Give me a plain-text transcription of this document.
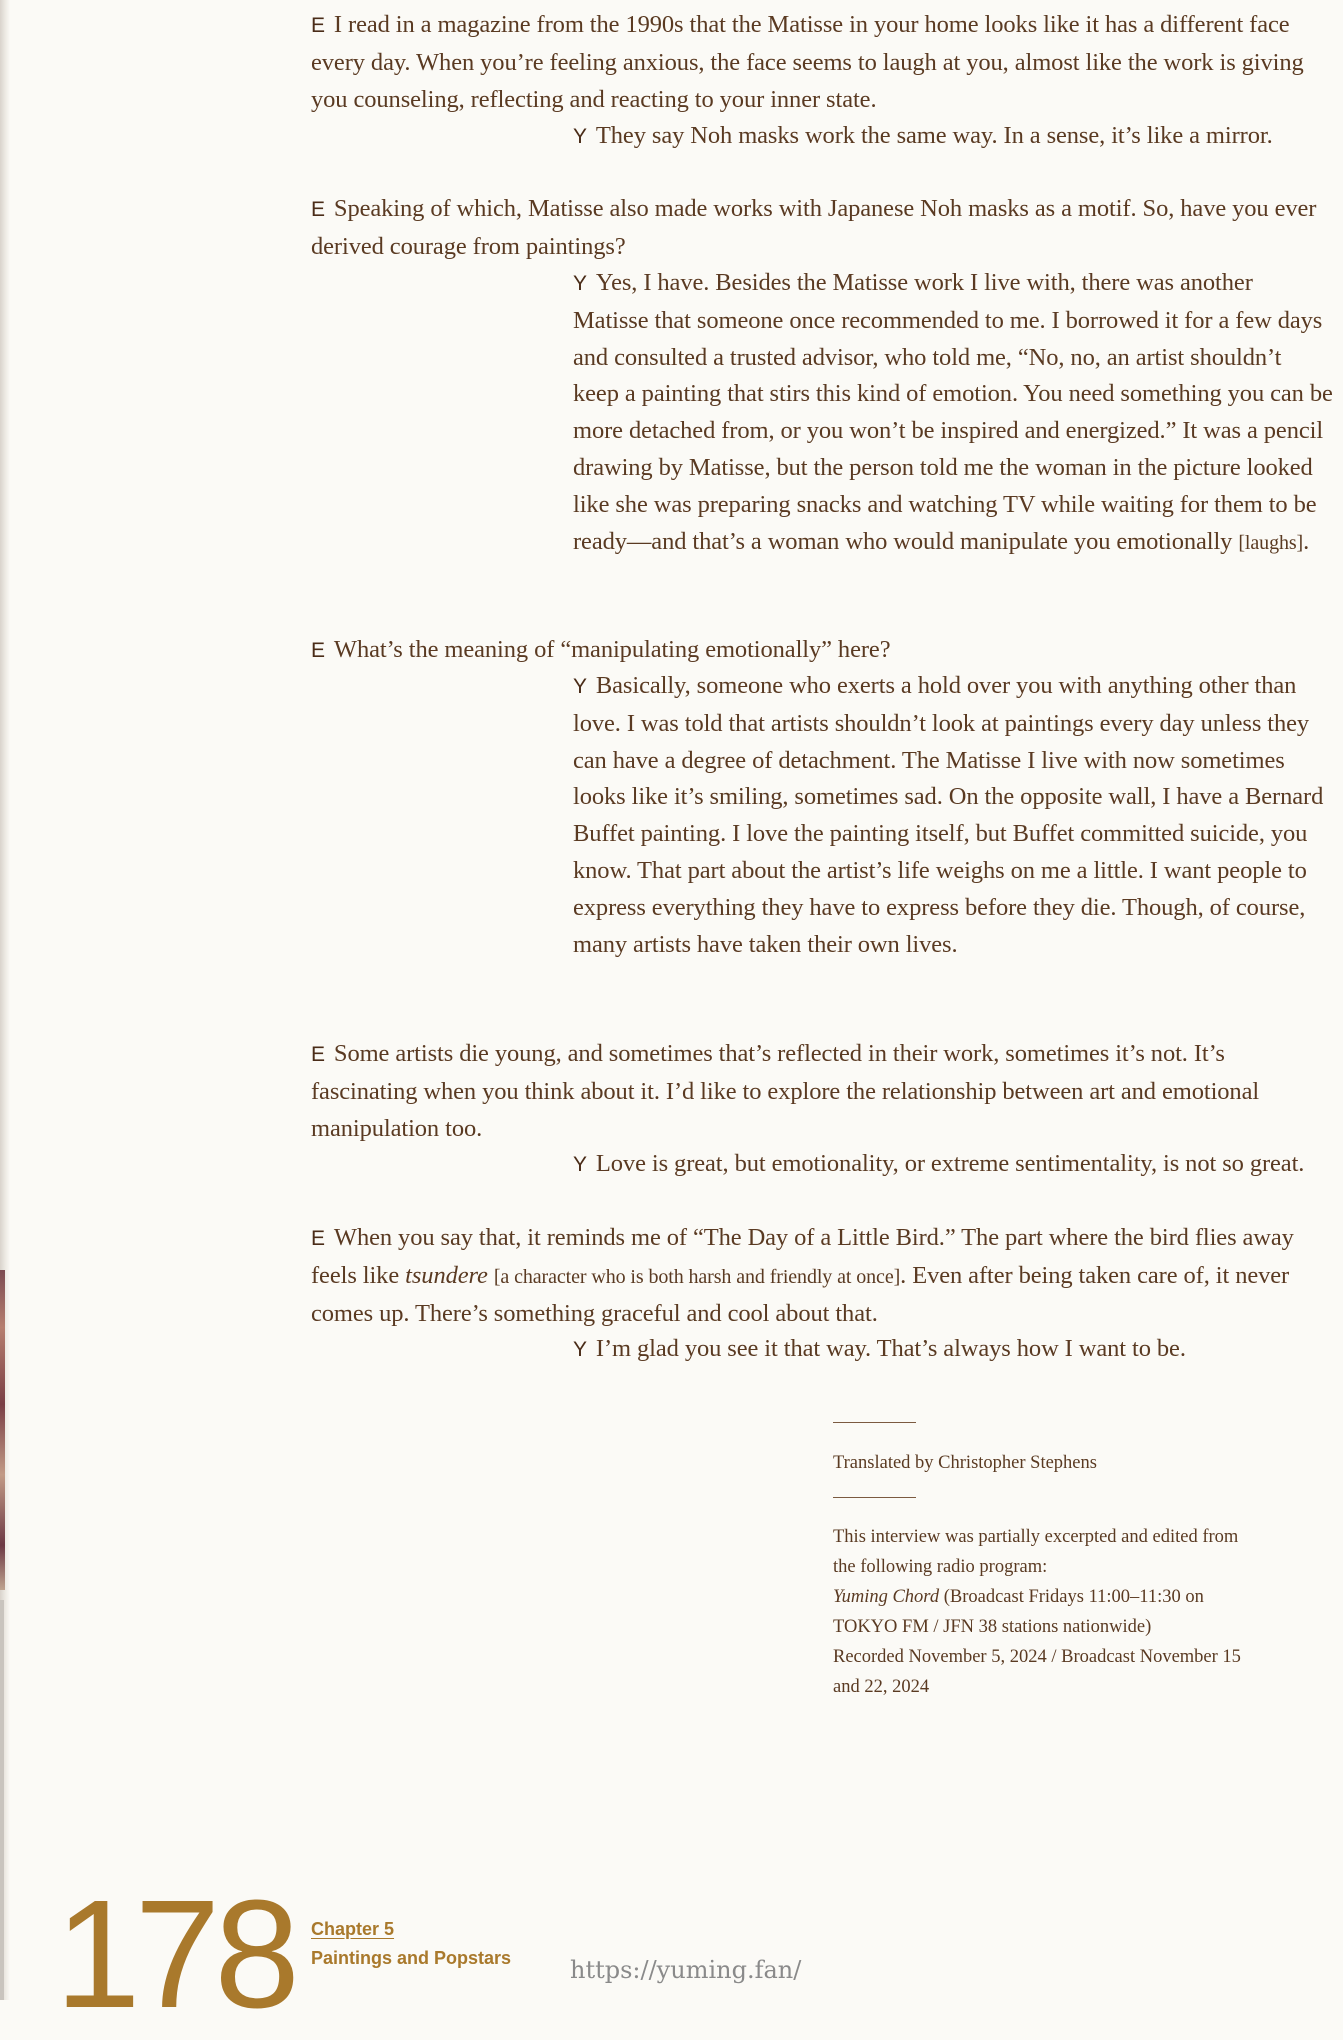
E I read in a magazine from the 1990s that the Matisse in your home looks like it has a different face every day. When you’re feeling anxious, the face seems to laugh at you, almost like the work is giving you counseling, reflecting and reacting to your inner state.

Y They say Noh masks work the same way. In a sense, it’s like a mirror.

E Speaking of which, Matisse also made works with Japanese Noh masks as a motif. So, have you ever derived courage from paintings?

Y Yes, I have. Besides the Matisse work I live with, there was another Matisse that someone once recommended to me. I borrowed it for a few days and consulted a trusted advisor, who told me, “No, no, an artist shouldn’t keep a painting that stirs this kind of emotion. You need something you can be more detached from, or you won’t be inspired and energized.” It was a pencil drawing by Matisse, but the person told me the woman in the picture looked like she was preparing snacks and watching TV while waiting for them to be ready—and that’s a woman who would manipulate you emotionally [laughs].

E What’s the meaning of “manipulating emotionally” here?

Y Basically, someone who exerts a hold over you with anything other than love. I was told that artists shouldn’t look at paintings every day unless they can have a degree of detachment. The Matisse I live with now sometimes looks like it’s smiling, sometimes sad. On the opposite wall, I have a Bernard Buffet painting. I love the painting itself, but Buffet committed suicide, you know. That part about the artist’s life weighs on me a little. I want people to express everything they have to express before they die. Though, of course, many artists have taken their own lives.

E Some artists die young, and sometimes that’s reflected in their work, sometimes it’s not. It’s fascinating when you think about it. I’d like to explore the relationship between art and emotional manipulation too.

Y Love is great, but emotionality, or extreme sentimentality, is not so great.

E When you say that, it reminds me of “The Day of a Little Bird.” The part where the bird flies away feels like tsundere [a character who is both harsh and friendly at once]. Even after being taken care of, it never comes up. There’s something graceful and cool about that.

Y I’m glad you see it that way. That’s always how I want to be.

Translated by Christopher Stephens

This interview was partially excerpted and edited from
the following radio program:
Yuming Chord (Broadcast Fridays 11:00–11:30 on
TOKYO FM / JFN 38 stations nationwide)
Recorded November 5, 2024 / Broadcast November 15
and 22, 2024
178 Chapter 5
Paintings and Popstars https://yuming.fan/
